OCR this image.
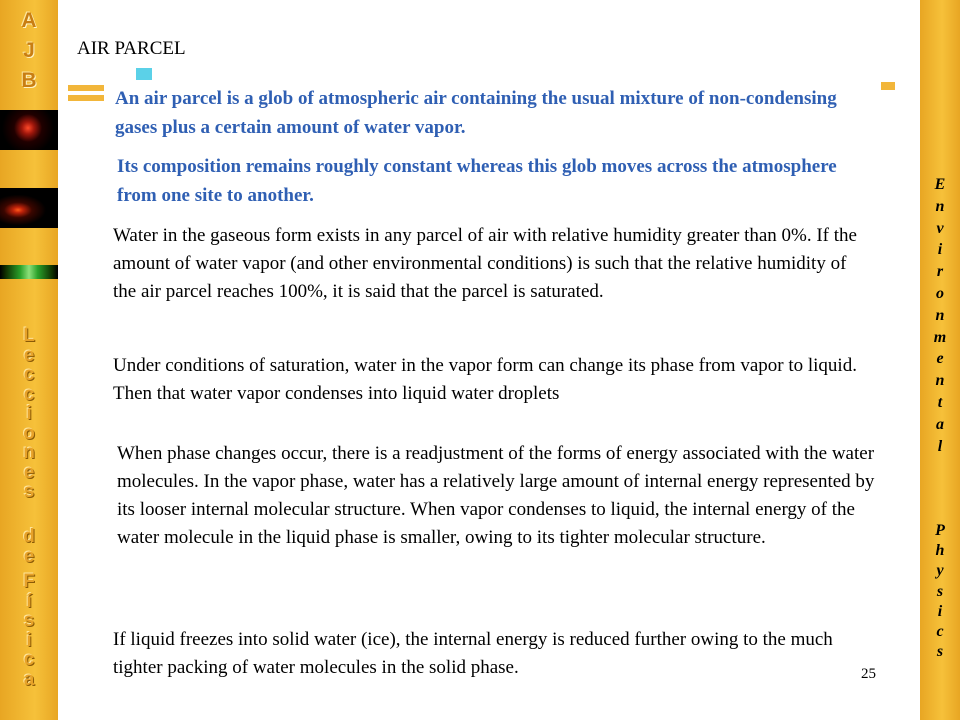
A
J
B
L
e
c
c
i
o
n
e
s
d
e
F
í
s
i
c
a
E
n
v
i
r
o
n
m
e
n
t
a
l
P
h
y
s
i
c
s
AIR PARCEL
An air parcel is a glob of atmospheric air containing the usual mixture of non-condensing gases plus a certain amount of water vapor.
Its composition remains roughly constant whereas this glob moves across the atmosphere from one site to another.
Water in the gaseous form exists in any parcel of air with relative humidity greater than 0%. If the amount of water vapor (and other environmental conditions) is such that the relative humidity of the air parcel reaches 100%, it is said that the parcel is saturated.
Under conditions of saturation, water in the vapor form can change its phase from vapor to liquid. Then that water vapor condenses into liquid water droplets
When phase changes occur, there is a readjustment of the forms of energy associated with the water molecules. In the vapor phase, water has a relatively large amount of internal energy represented by its looser internal molecular structure. When vapor condenses to liquid, the internal energy of the water molecule in the liquid phase is smaller, owing to its tighter molecular structure.
If liquid freezes into solid water (ice), the internal energy is reduced further owing to the much tighter packing of water molecules in the solid phase.	25
